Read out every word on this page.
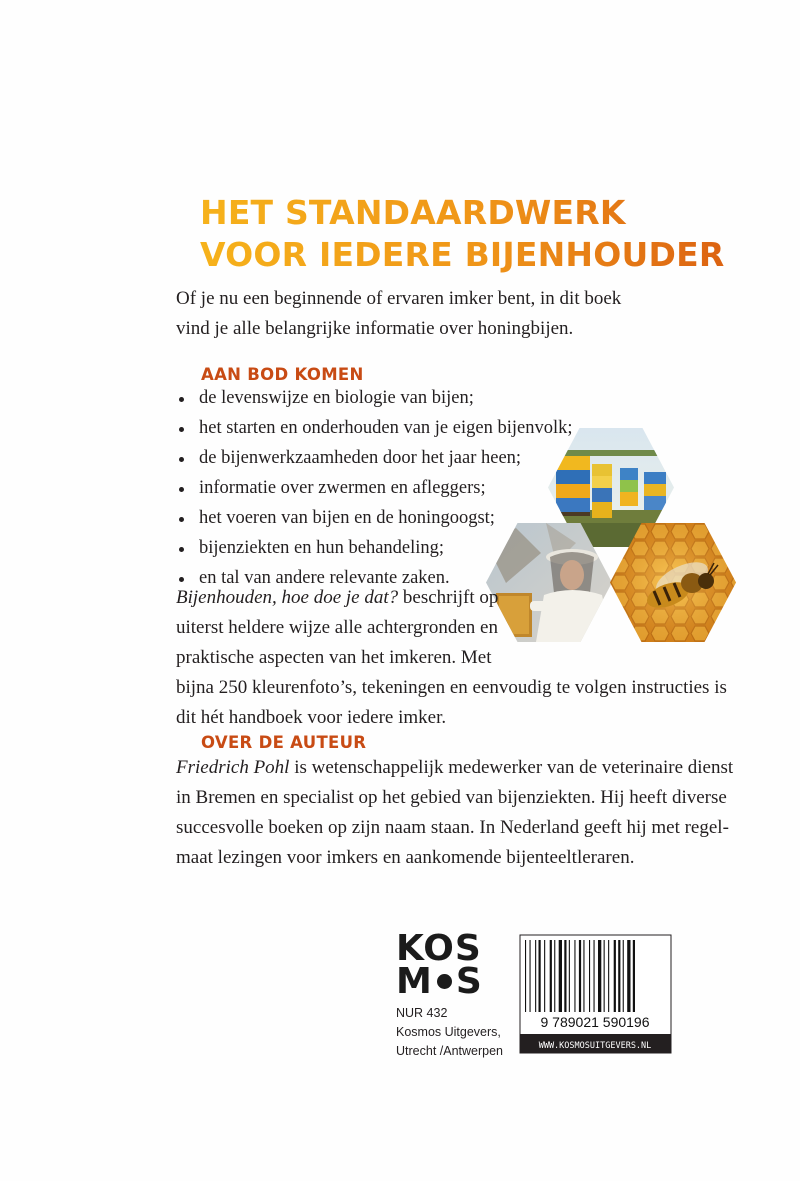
HET STANDAARDWERK
VOOR IEDERE BIJENHOUDER

Of je nu een beginnende of ervaren imker bent, in dit boek vind je alle belangrijke informatie over honingbijen.

AAN BOD KOMEN
de levenswijze en biologie van bijen;
het starten en onderhouden van je eigen bijenvolk;
de bijenwerkzaamheden door het jaar heen;
informatie over zwermen en afleggers;
het voeren van bijen en de honingoogst;
bijenziekten en hun behandeling;
en tal van andere relevante zaken.

Bijenhouden, hoe doe je dat? beschrijft op
uiterst heldere wijze alle achtergronden en
praktische aspecten van het imkeren. Met
bijna 250 kleurenfoto’s, tekeningen en eenvoudig te volgen instructies is
dit hét handboek voor iedere imker.

OVER DE AUTEUR

Friedrich Pohl is wetenschappelijk medewerker van de veterinaire dienst
in Bremen en specialist op het gebied van bijenziekten. Hij heeft diverse
succesvolle boeken op zijn naam staan. In Nederland geeft hij met regel-
maat lezingen voor imkers en aankomende bijenteeltleraren.

KOS
M S

NUR 432
Kosmos Uitgevers,
Utrecht /Antwerpen

9 789021 590196
WWW.KOSMOSUITGEVERS.NL
